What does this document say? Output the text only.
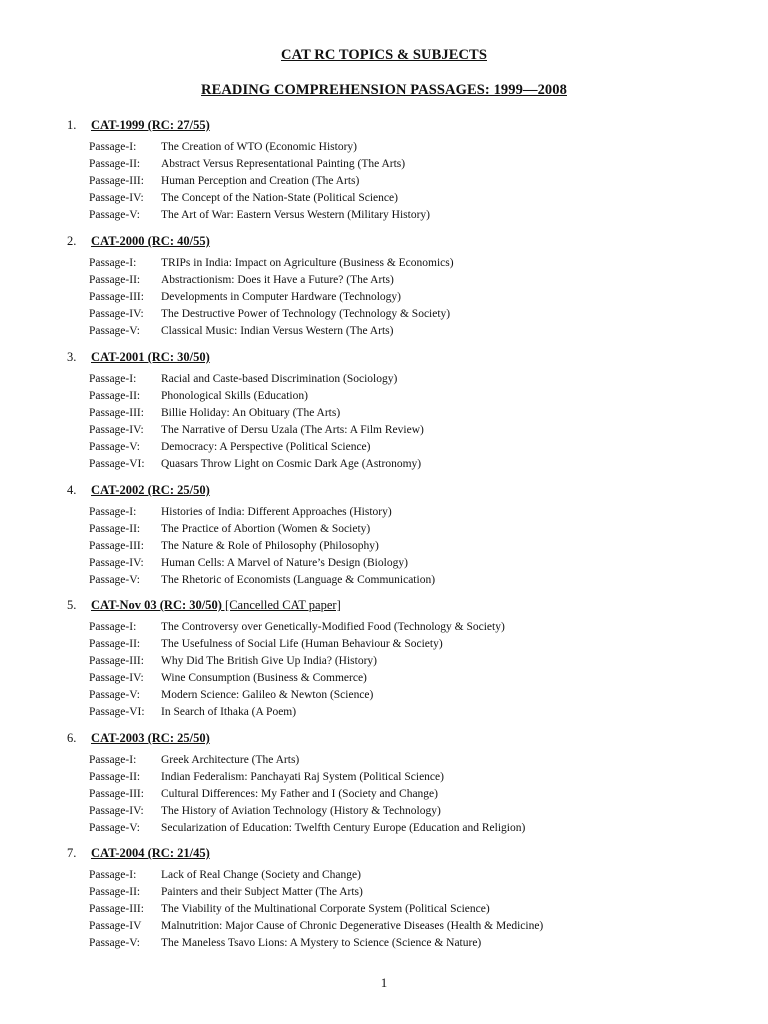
CAT RC TOPICS & SUBJECTS
READING COMPREHENSION PASSAGES: 1999—2008
1. CAT-1999 (RC: 27/55)
Passage-I: The Creation of WTO (Economic History)
Passage-II: Abstract Versus Representational Painting (The Arts)
Passage-III: Human Perception and Creation (The Arts)
Passage-IV: The Concept of the Nation-State (Political Science)
Passage-V: The Art of War: Eastern Versus Western (Military History)
2. CAT-2000 (RC: 40/55)
Passage-I: TRIPs in India: Impact on Agriculture (Business & Economics)
Passage-II: Abstractionism: Does it Have a Future? (The Arts)
Passage-III: Developments in Computer Hardware (Technology)
Passage-IV: The Destructive Power of Technology (Technology & Society)
Passage-V: Classical Music: Indian Versus Western (The Arts)
3. CAT-2001 (RC: 30/50)
Passage-I: Racial and Caste-based Discrimination (Sociology)
Passage-II: Phonological Skills (Education)
Passage-III: Billie Holiday: An Obituary (The Arts)
Passage-IV: The Narrative of Dersu Uzala (The Arts: A Film Review)
Passage-V: Democracy: A Perspective (Political Science)
Passage-VI: Quasars Throw Light on Cosmic Dark Age (Astronomy)
4. CAT-2002 (RC: 25/50)
Passage-I: Histories of India: Different Approaches (History)
Passage-II: The Practice of Abortion (Women & Society)
Passage-III: The Nature & Role of Philosophy (Philosophy)
Passage-IV: Human Cells: A Marvel of Nature’s Design (Biology)
Passage-V: The Rhetoric of Economists (Language & Communication)
5. CAT-Nov 03 (RC: 30/50) [Cancelled CAT paper]
Passage-I: The Controversy over Genetically-Modified Food (Technology & Society)
Passage-II: The Usefulness of Social Life (Human Behaviour & Society)
Passage-III: Why Did The British Give Up India? (History)
Passage-IV: Wine Consumption (Business & Commerce)
Passage-V: Modern Science: Galileo & Newton (Science)
Passage-VI: In Search of Ithaka (A Poem)
6. CAT-2003 (RC: 25/50)
Passage-I: Greek Architecture (The Arts)
Passage-II: Indian Federalism: Panchayati Raj System (Political Science)
Passage-III: Cultural Differences: My Father and I (Society and Change)
Passage-IV: The History of Aviation Technology (History & Technology)
Passage-V: Secularization of Education: Twelfth Century Europe (Education and Religion)
7. CAT-2004 (RC: 21/45)
Passage-I: Lack of Real Change (Society and Change)
Passage-II: Painters and their Subject Matter (The Arts)
Passage-III: The Viability of the Multinational Corporate System (Political Science)
Passage-IV Malnutrition: Major Cause of Chronic Degenerative Diseases (Health & Medicine)
Passage-V: The Maneless Tsavo Lions: A Mystery to Science (Science & Nature)
1
